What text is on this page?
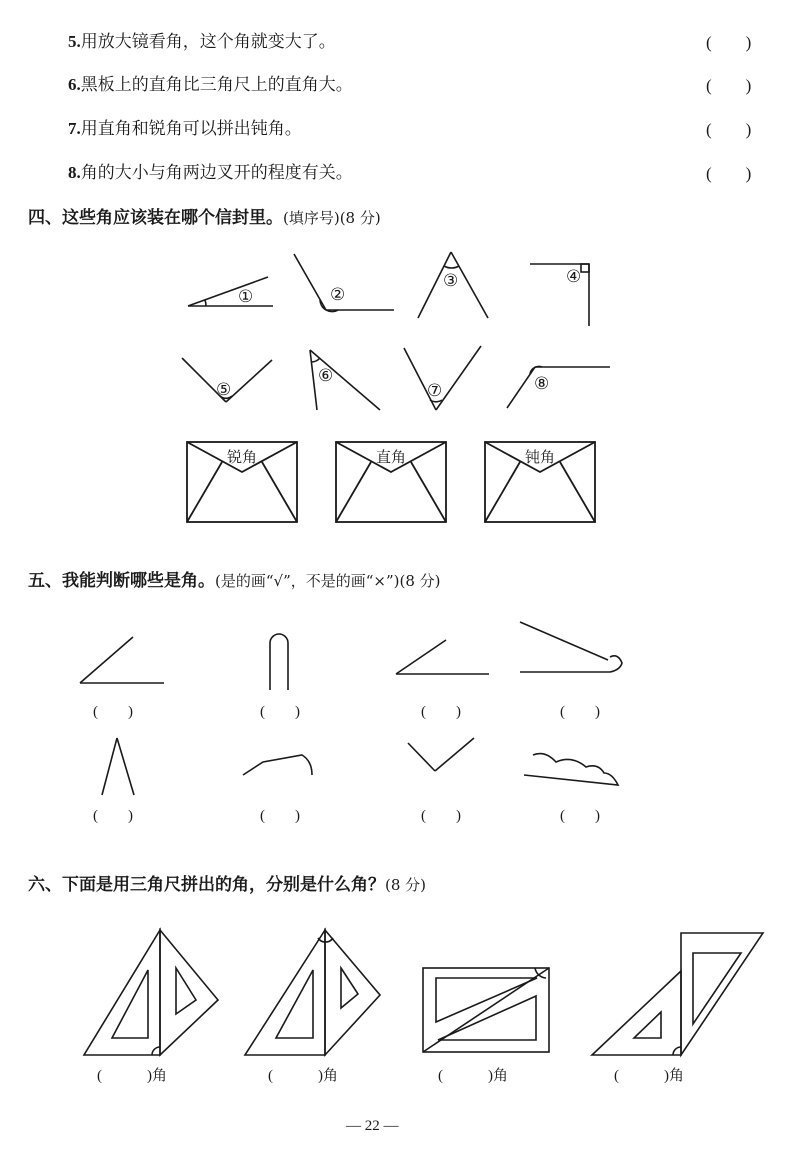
5.用放大镜看角，这个角就变大了。	(　　)
6.黑板上的直角比三角尺上的直角大。	(　　)
7.用直角和锐角可以拼出钝角。	(　　)
8.角的大小与角两边叉开的程度有关。	(　　)
四、这些角应该装在哪个信封里。(填序号)(8 分)
①	②
③	④
⑤
⑥
⑦	⑧
锐角	直角	钝角
五、我能判断哪些是角。(是的画“√”，不是的画“×”)(8 分)
(　　)	(　　)	(　　)	(　　)
(　　)	(　　)	(　　)	(　　)
六、下面是用三角尺拼出的角，分别是什么角？(8 分)
(　　　)角	(　　　)角	(　　　)角	(　　　)角
— 22 —
